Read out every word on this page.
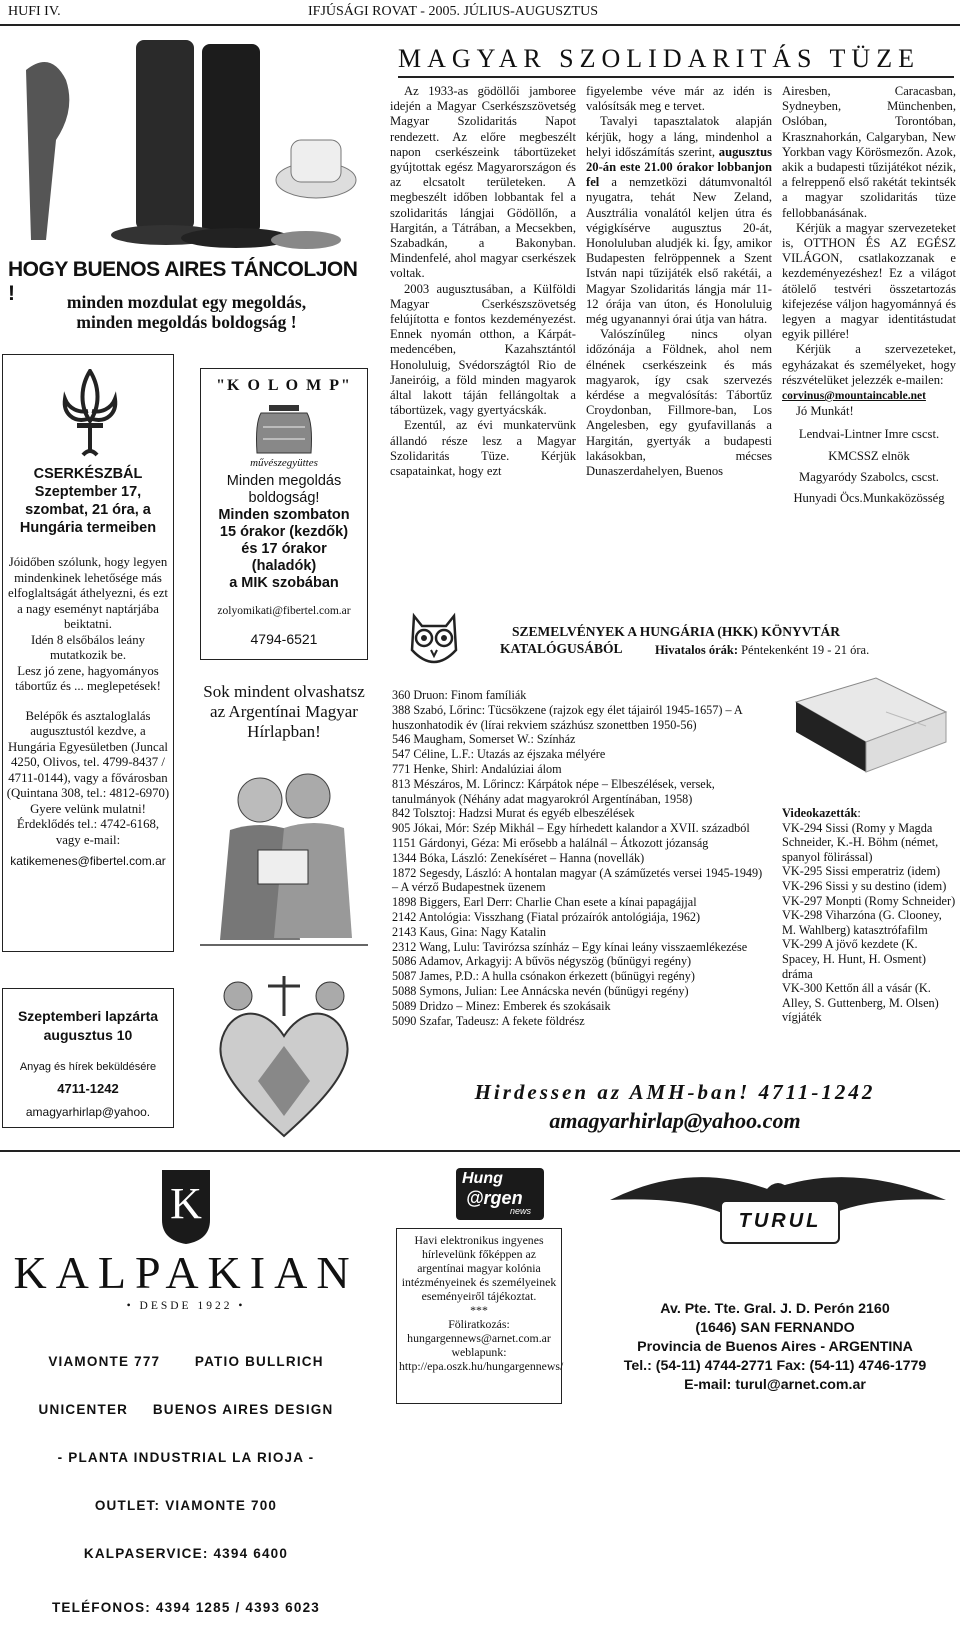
HUFI IV.	IFJÚSÁGI ROVAT - 2005. JÚLIUS-AUGUSZTUS
MAGYAR SZOLIDARITÁS TÜZE
HOGY BUENOS AIRES TÁNCOLJON !	minden mozdulat egy megoldás,
minden megoldás boldogság !
CSERKÉSZBÁL
Szeptember 17,
szombat, 21 óra, a
Hungária termeiben
Jóidőben szólunk, hogy legyen mindenkinek lehetősége más elfoglaltságát áthelyezni, és ezt a nagy eseményt naptárjába beiktatni.
Idén 8 elsőbálos leány mutatkozik be.
Lesz jó zene, hagyományos tábortűz és ... meglepetések!
Belépők és asztaloglalás augusztustól kezdve, a Hungária Egyesületben (Juncal 4250, Olivos, tel. 4799-8437 / 4711-0144), vagy a fővárosban (Quintana 308, tel.: 4812-6970)
Gyere velünk mulatni!
Érdeklődés tel.: 4742-6168, vagy e-mail:
katikemenes@fibertel.com.ar
Szeptemberi lapzárta
augusztus 10
Anyag és hírek beküldésére
4711-1242
amagyarhirlap@yahoo.
"K O L O M P"
művészegyüttes
Minden megoldás
boldogság!
Minden szombaton
15 órakor (kezdők)
és 17 órakor
(haladók)
a MIK szobában
zolyomikati@fibertel.com.ar
4794-6521
Sok mindent olvashatsz az Argentínai Magyar Hírlapban!

Az 1933-as gödöllői jamboree idején a Magyar Cserkészszövetség Magyar Szolidaritás Napot rendezett. Az előre megbeszélt napon cserkészeink tábortüzeket gyújtottak egész Magyarországon és az elcsatolt területeken. A megbeszélt időben lobbantak fel a szolidaritás lángjai Gödöllőn, a Hargitán, a Tátrában, a Mecsekben, Szabadkán, a Bakonyban. Mindenfelé, ahol magyar cserkészek voltak.

2003 augusztusában, a Külföldi Magyar Cserkészszövetség felújította e fontos kezdeményezést. Ennek nyomán otthon, a Kárpát-medencében, Kazahsztántól Honoluluig, Svédországtól Rio de Janeiróig, a föld minden magyarok által lakott táján fellángoltak a tábortüzek, vagy gyertyácskák.

Ezentúl, az évi munkatervünk állandó része lesz a Magyar Szolidaritás Tüze. Kérjük csapatainkat, hogy ezt

figyelembe véve már az idén is valósítsák meg e tervet.

Tavalyi tapasztalatok alapján kérjük, hogy a láng, mindenhol a helyi időszámítás szerint, augusztus 20-án este 21.00 órakor lobbanjon fel a nemzetközi dátumvonaltól nyugatra, tehát New Zeland, Ausztrália vonalától keljen útra és végigkísérve augusztus 20-át, Honoluluban aludjék ki. Így, amikor Budapesten felröppennek a Szent István napi tűzijáték első rakétái, a Magyar Szolidaritás lángja már 11-12 órája van úton, és Honoluluig még ugyanannyi órai útja van hátra.

Valószínűleg nincs olyan időzónája a Földnek, ahol nem élnének cserkészeink és más magyarok, így csak szervezés kérdése a megvalósítás: Tábortűz Croydonban, Fillmore-ban, Los Angelesben, egy gyufavillanás a Hargitán, gyertyák a budapesti lakásokban, mécses Dunaszerdahelyen, Buenos

Airesben, Caracasban, Sydneyben, Münchenben, Oslóban, Torontóban, Krasznahorkán, Calgaryban, New Yorkban vagy Körösmezőn. Azok, akik a budapesti tűzijátékot nézik, a felreppenő első rakétát tekintsék a magyar szolidaritás tüze fellobbanásának.

Kérjük a magyar szervezeteket is, OTTHON ÉS AZ EGÉSZ VILÁGON, csatlakozzanak e kezdeményezéshez! Ez a világot átölelő testvéri összetartozás kifejezése váljon hagyománnyá és legyen a magyar identitástudat egyik pillére!

Kérjük a szervezeteket, egyházakat és személyeket, hogy részvételüket jelezzék e-mailen:

corvinus@mountaincable.net
Jó Munkát!
Lendvai-Lintner Imre cscst.
KMCSSZ elnök
Magyaródy Szabolcs, cscst.
Hunyadi Öcs.Munkaközösség
SZEMELVÉNYEK A HUNGÁRIA (HKK) KÖNYVTÁR
KATALÓGUSÁBÓL	Hivatalos órák: Péntekenként 19 - 21 óra.
360 Druon: Finom famíliák
388 Szabó, Lőrinc: Tücsökzene (rajzok egy élet tájairól 1945-1657) – A huszonhatodik év (lírai rekviem százhúsz szonettben 1950-56)
546 Maugham, Somerset W.: Színház
547 Céline, L.F.: Utazás az éjszaka mélyére
771 Henke, Shirl: Andalúziai álom
813 Mészáros, M. Lőrincz: Kárpátok népe – Elbeszélések, versek, tanulmányok (Néhány adat magyarokról Argentínában, 1958)
842 Tolsztoj: Hadzsi Murat és egyéb elbeszélések
905 Jókai, Mór: Szép Mikhál – Egy hírhedett kalandor a XVII. századból
1151 Gárdonyi, Géza: Mi erősebb a halálnál – Átkozott józanság
1344 Bóka, László: Zenekíséret – Hanna (novellák)
1872 Segesdy, László: A hontalan magyar (A száműzetés versei 1945-1949) – A vérző Budapestnek üzenem
1898 Biggers, Earl Derr: Charlie Chan esete a kínai papagájjal
2142 Antológia: Visszhang (Fiatal prózaírók antológiája, 1962)
2143 Kaus, Gina: Nagy Katalin
2312 Wang, Lulu: Tavirózsa színház – Egy kínai leány visszaemlékezése
5086 Adamov, Arkagyij: A bűvös négyszög (bűnügyi regény)
5087 James, P.D.: A hulla csónakon érkezett (bűnügyi regény)
5088 Symons, Julian: Lee Annácska nevén (bűnügyi regény)
5089 Dridzo – Minez: Emberek és szokásaik
5090 Szafar, Tadeusz: A fekete földrész
Videokazetták:
VK-294 Sissi (Romy y Magda Schneider, K.-H. Böhm (német, spanyol fölirással)
VK-295 Sissi emperatriz (idem)
VK-296 Sissi y su destino (idem)
VK-297 Monpti (Romy Schneider)
VK-298 Viharzóna (G. Clooney, M. Wahlberg) katasztrófafilm
VK-299 A jövő kezdete (K. Spacey, H. Hunt, H. Osment) dráma
VK-300 Kettőn áll a vásár (K. Alley, S. Guttenberg, M. Olsen) vígjáték
Hirdessen az AMH-ban! 4711-1242
amagyarhirlap@yahoo.com
K
KALPAKIAN
• DESDE 1922 •

VIAMONTE 777       PATIO BULLRICH

UNICENTER     BUENOS AIRES DESIGN

- PLANTA INDUSTRIAL LA RIOJA -

OUTLET: VIAMONTE 700

KALPASERVICE: 4394 6400

TELÉFONOS: 4394 1285 / 4393 6023

Hung
@rgen
news
Havi elektronikus ingyenes hírlevelünk főképpen az argentínai magyar kolónia intézményeinek és személyeinek eseményeiről tájékoztat.
***
Föliratkozás:
hungargennews@arnet.com.ar
weblapunk: http://epa.oszk.hu/hungargennews/
TURUL
Av. Pte. Tte. Gral. J. D. Perón 2160
(1646) SAN FERNANDO
Provincia de Buenos Aires - ARGENTINA
Tel.: (54-11) 4744-2771 Fax: (54-11) 4746-1779
E-mail: turul@arnet.com.ar
